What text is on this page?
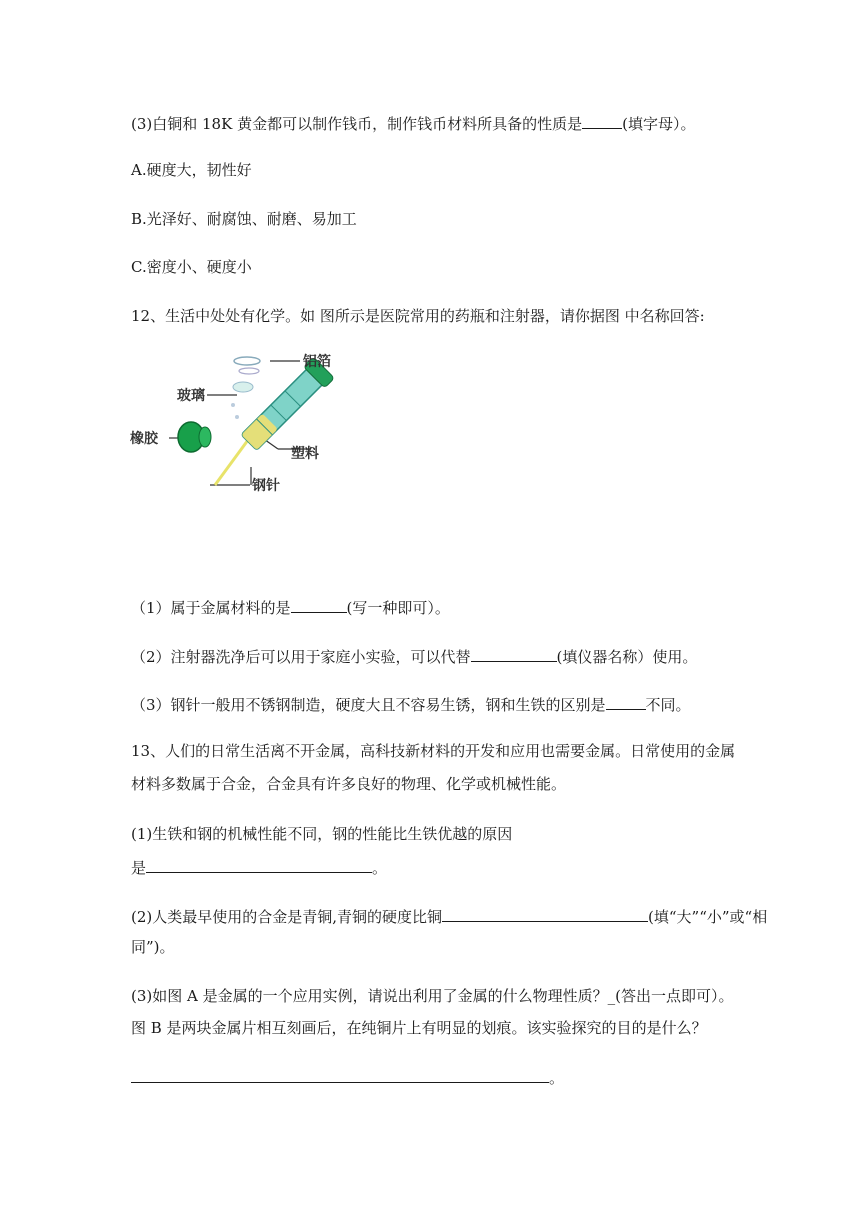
(3)白铜和 18K 黄金都可以制作钱币，制作钱币材料所具备的性质是	(填字母）。
A.硬度大，韧性好
B.光泽好、耐腐蚀、耐磨、易加工
C.密度小、硬度小
12、生活中处处有化学。如 图所示是医院常用的药瓶和注射器，请你据图 中名称回答:
铝箔
玻璃
橡胶
塑料
钢针
（1）属于金属材料的是	(写一种即可）。
（2）注射器洗净后可以用于家庭小实验，可以代替	(填仪器名称）使用。
（3）钢针一般用不锈钢制造，硬度大且不容易生锈，钢和生铁的区别是	不同。
13、人们的日常生活离不开金属，高科技新材料的开发和应用也需要金属。日常使用的金属
材料多数属于合金，合金具有许多良好的物理、化学或机械性能。
(1)生铁和钢的机械性能不同，钢的性能比生铁优越的原因
是	。
(2)人类最早使用的合金是青铜,青铜的硬度比铜	(填“大”“小”或“相
同”)。
(3)如图 A 是金属的一个应用实例，请说出利用了金属的什么物理性质？_(答出一点即可）。
图 B 是两块金属片相互刻画后，在纯铜片上有明显的划痕。该实验探究的目的是什么？
。
